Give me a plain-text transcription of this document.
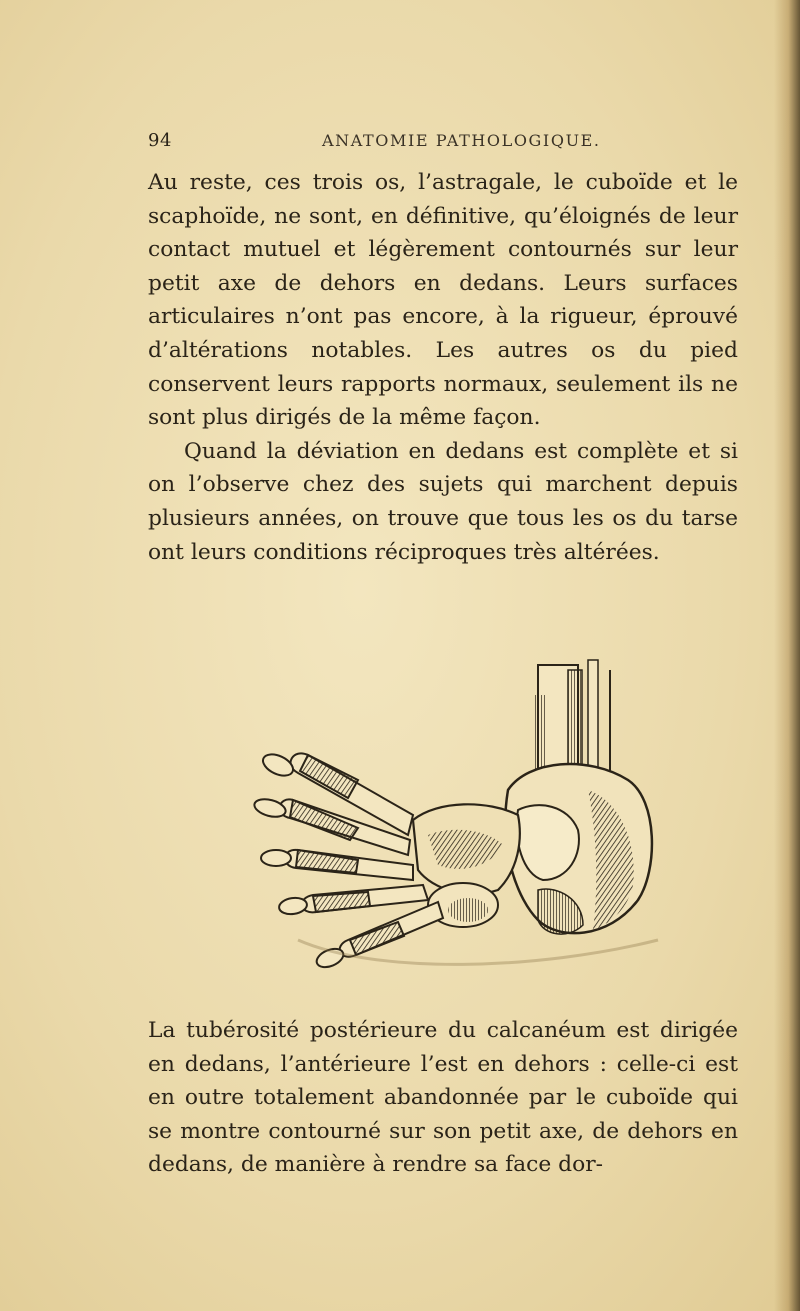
94	ANATOMIE PATHOLOGIQUE.

Au reste, ces trois os, l’astragale, le cuboïde et le scaphoïde, ne sont, en définitive, qu’éloignés de leur contact mutuel et légèrement contournés sur leur petit axe de dehors en dedans. Leurs surfaces articulaires n’ont pas encore, à la rigueur, éprouvé d’altérations notables. Les autres os du pied conservent leurs rapports normaux, seulement ils ne sont plus dirigés de la même façon.

Quand la déviation en dedans est complète et si on l’observe chez des sujets qui marchent depuis plusieurs années, on trouve que tous les os du tarse ont leurs conditions réciproques très altérées.

La tubérosité postérieure du calcanéum est dirigée en dedans, l’antérieure l’est en dehors : celle-ci est en outre totalement abandonnée par le cuboïde qui se montre contourné sur son petit axe, de dehors en dedans, de manière à rendre sa face dor-
